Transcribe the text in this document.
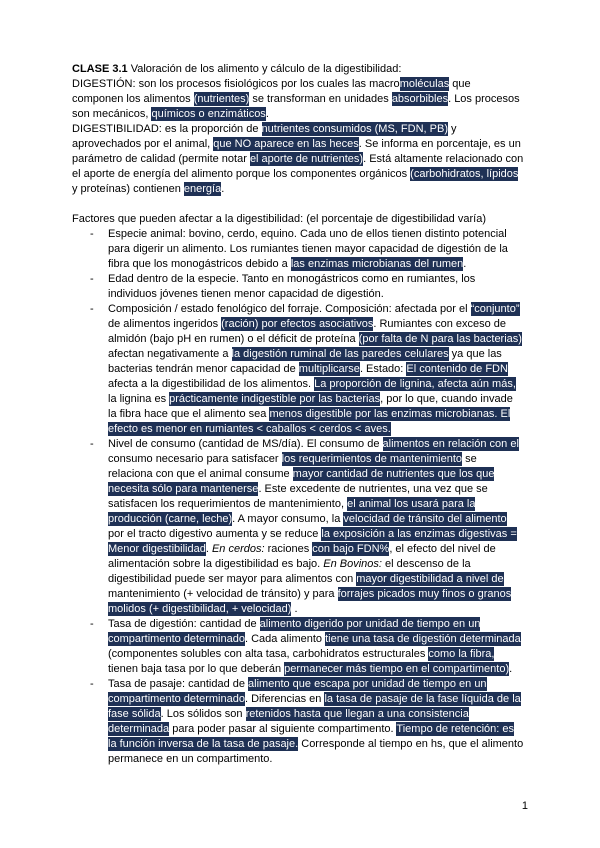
CLASE 3.1 Valoración de los alimento y cálculo de la digestibilidad:
DIGESTIÓN: son los procesos fisiológicos por los cuales las macromoléculas que
componen los alimentos (nutrientes) se transforman en unidades absorbibles. Los procesos
son mecánicos, químicos o enzimáticos.
DIGESTIBILIDAD: es la proporción de nutrientes consumidos (MS, FDN, PB) y
aprovechados por el animal, que NO aparece en las heces. Se informa en porcentaje, es un
parámetro de calidad (permite notar el aporte de nutrientes). Está altamente relacionado con
el aporte de energía del alimento porque los componentes orgánicos (carbohidratos, lípidos
y proteínas) contienen energía.
Factores que pueden afectar a la digestibilidad: (el porcentaje de digestibilidad varía)
- Especie animal: bovino, cerdo, equino. Cada uno de ellos tienen distinto potencial
para digerir un alimento. Los rumiantes tienen mayor capacidad de digestión de la
fibra que los monogástricos debido a las enzimas microbianas del rumen.
- Edad dentro de la especie. Tanto en monogástricos como en rumiantes, los
individuos jóvenes tienen menor capacidad de digestión.
- Composición / estado fenológico del forraje. Composición: afectada por el “conjunto”
de alimentos ingeridos (ración) por efectos asociativos. Rumiantes con exceso de
almidón (bajo pH en rumen) o el déficit de proteína (por falta de N para las bacterias)
afectan negativamente a la digestión ruminal de las paredes celulares ya que las
bacterias tendrán menor capacidad de multiplicarse. Estado: El contenido de FDN
afecta a la digestibilidad de los alimentos. La proporción de lignina, afecta aún más,
la lignina es prácticamente indigestible por las bacterias, por lo que, cuando invade
la fibra hace que el alimento sea menos digestible por las enzimas microbianas. El
efecto es menor en rumiantes < caballos < cerdos < aves.
- Nivel de consumo (cantidad de MS/día). El consumo de alimentos en relación con el
consumo necesario para satisfacer los requerimientos de mantenimiento se
relaciona con que el animal consume mayor cantidad de nutrientes que los que
necesita sólo para mantenerse. Este excedente de nutrientes, una vez que se
satisfacen los requerimientos de mantenimiento, el animal los usará para la
producción (carne, leche). A mayor consumo, la velocidad de tránsito del alimento
por el tracto digestivo aumenta y se reduce la exposición a las enzimas digestivas =
Menor digestibilidad. En cerdos: raciones con bajo FDN%, el efecto del nivel de
alimentación sobre la digestibilidad es bajo. En Bovinos: el descenso de la
digestibilidad puede ser mayor para alimentos con mayor digestibilidad a nivel de
mantenimiento (+ velocidad de tránsito) y para forrajes picados muy finos o granos
molidos (+ digestibilidad, + velocidad) .
- Tasa de digestión: cantidad de alimento digerido por unidad de tiempo en un
compartimento determinado. Cada alimento tiene una tasa de digestión determinada
(componentes solubles con alta tasa, carbohidratos estructurales como la fibra,
tienen baja tasa por lo que deberán permanecer más tiempo en el compartimento).
- Tasa de pasaje: cantidad de alimento que escapa por unidad de tiempo en un
compartimento determinado. Diferencias en la tasa de pasaje de la fase líquida de la
fase sólida. Los sólidos son retenidos hasta que llegan a una consistencia
determinada para poder pasar al siguiente compartimento. Tiempo de retención: es
la función inversa de la tasa de pasaje. Corresponde al tiempo en hs, que el alimento
permanece en un compartimento.
1
